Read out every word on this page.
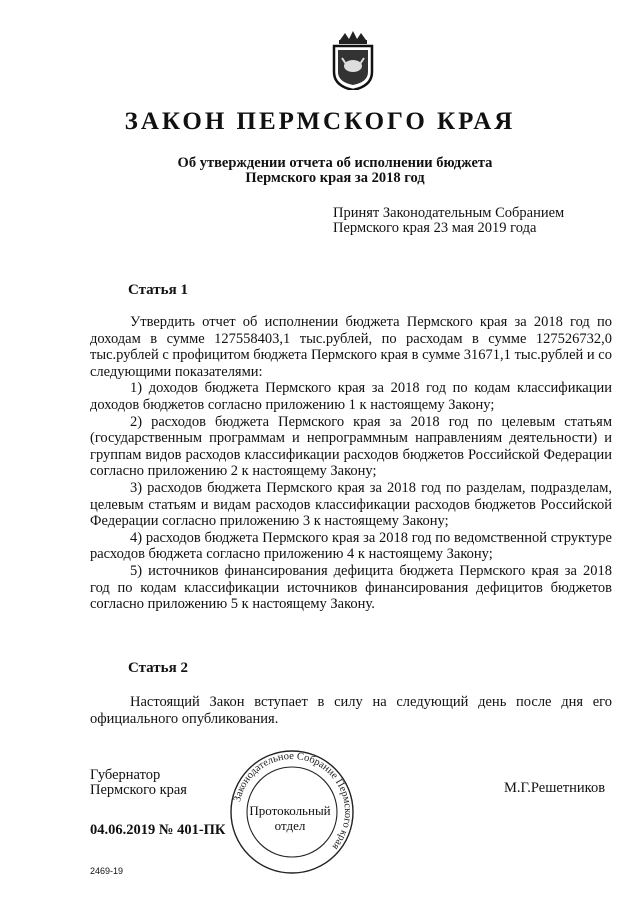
ЗАКОН ПЕРМСКОГО КРАЯ
Об утверждении отчета об исполнении бюджета
Пермского края за 2018 год
Принят Законодательным Собранием
Пермского края 23 мая 2019 года
Статья 1

Утвердить отчет об исполнении бюджета Пермского края за 2018 год по доходам в сумме 127558403,1 тыс.рублей, по расходам в сумме 127526732,0 тыс.рублей с профицитом бюджета Пермского края в сумме 31671,1 тыс.рублей и со следующими показателями:

1) доходов бюджета Пермского края за 2018 год по кодам классификации доходов бюджетов согласно приложению 1 к настоящему Закону;

2) расходов бюджета Пермского края за 2018 год по целевым статьям (государственным программам и непрограммным направлениям деятельности) и группам видов расходов классификации расходов бюджетов Российской Федерации согласно приложению 2 к настоящему Закону;

3) расходов бюджета Пермского края за 2018 год по разделам, подразделам, целевым статьям и видам расходов классификации расходов бюджетов Российской Федерации согласно приложению 3 к настоящему Закону;

4) расходов бюджета Пермского края за 2018 год по ведомственной структуре расходов бюджета согласно приложению 4 к настоящему Закону;

5) источников финансирования дефицита бюджета Пермского края за 2018 год по кодам классификации источников финансирования дефицитов бюджетов согласно приложению 5 к настоящему Закону.

Статья 2

Настоящий Закон вступает в силу на следующий день после дня его официального опубликования.

Губернатор
Пермского края	М.Г.Решетников
04.06.2019 № 401-ПК
2469-19
Законодательное Собрание Пермского края
Протокольный
отдел
